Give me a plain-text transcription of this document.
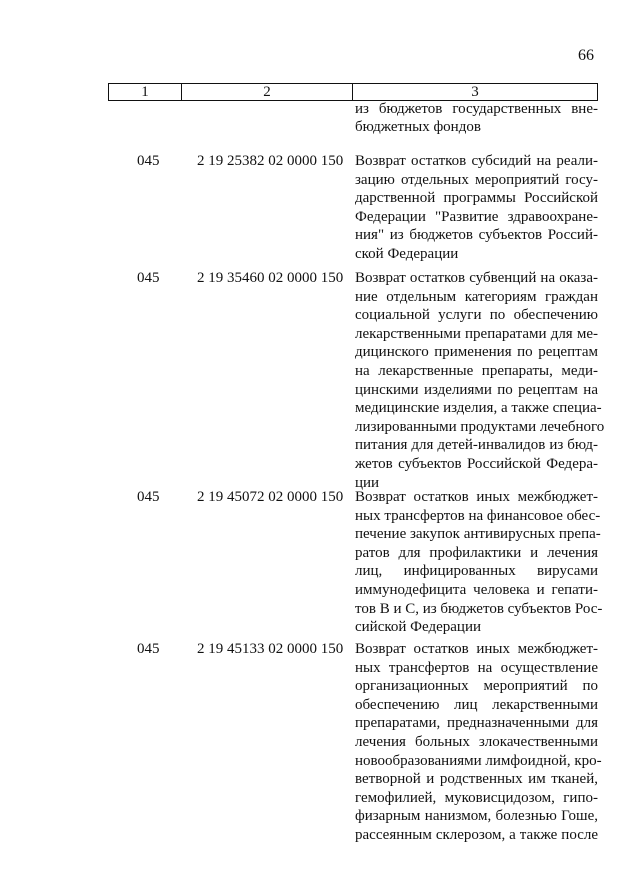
66
1	2	3
из бюджетов государственных вне-
бюджетных фондов
045	2 19 25382 02 0000 150 Возврат остатков субсидий на реали-
зацию отдельных мероприятий госу-
дарственной программы Российской
Федерации "Развитие здравоохране-
ния" из бюджетов субъектов Россий-
ской Федерации
045	2 19 35460 02 0000 150 Возврат остатков субвенций на оказа-
ние отдельным категориям граждан
социальной услуги по обеспечению
лекарственными препаратами для ме-
дицинского применения по рецептам
на лекарственные препараты, меди-
цинскими изделиями по рецептам на
медицинские изделия, а также специа-
лизированными продуктами лечебного
питания для детей-инвалидов из бюд-
жетов субъектов Российской Федера-
ции
045	2 19 45072 02 0000 150 Возврат остатков иных межбюджет-
ных трансфертов на финансовое обес-
печение закупок антивирусных препа-
ратов для профилактики и лечения
лиц, инфицированных вирусами
иммунодефицита человека и гепати-
тов В и С, из бюджетов субъектов Рос-
сийской Федерации
045	2 19 45133 02 0000 150 Возврат остатков иных межбюджет-
ных трансфертов на осуществление
организационных мероприятий по
обеспечению лиц лекарственными
препаратами, предназначенными для
лечения больных злокачественными
новообразованиями лимфоидной, кро-
ветворной и родственных им тканей,
гемофилией, муковисцидозом, гипо-
физарным нанизмом, болезнью Гоше,
рассеянным склерозом, а также после
